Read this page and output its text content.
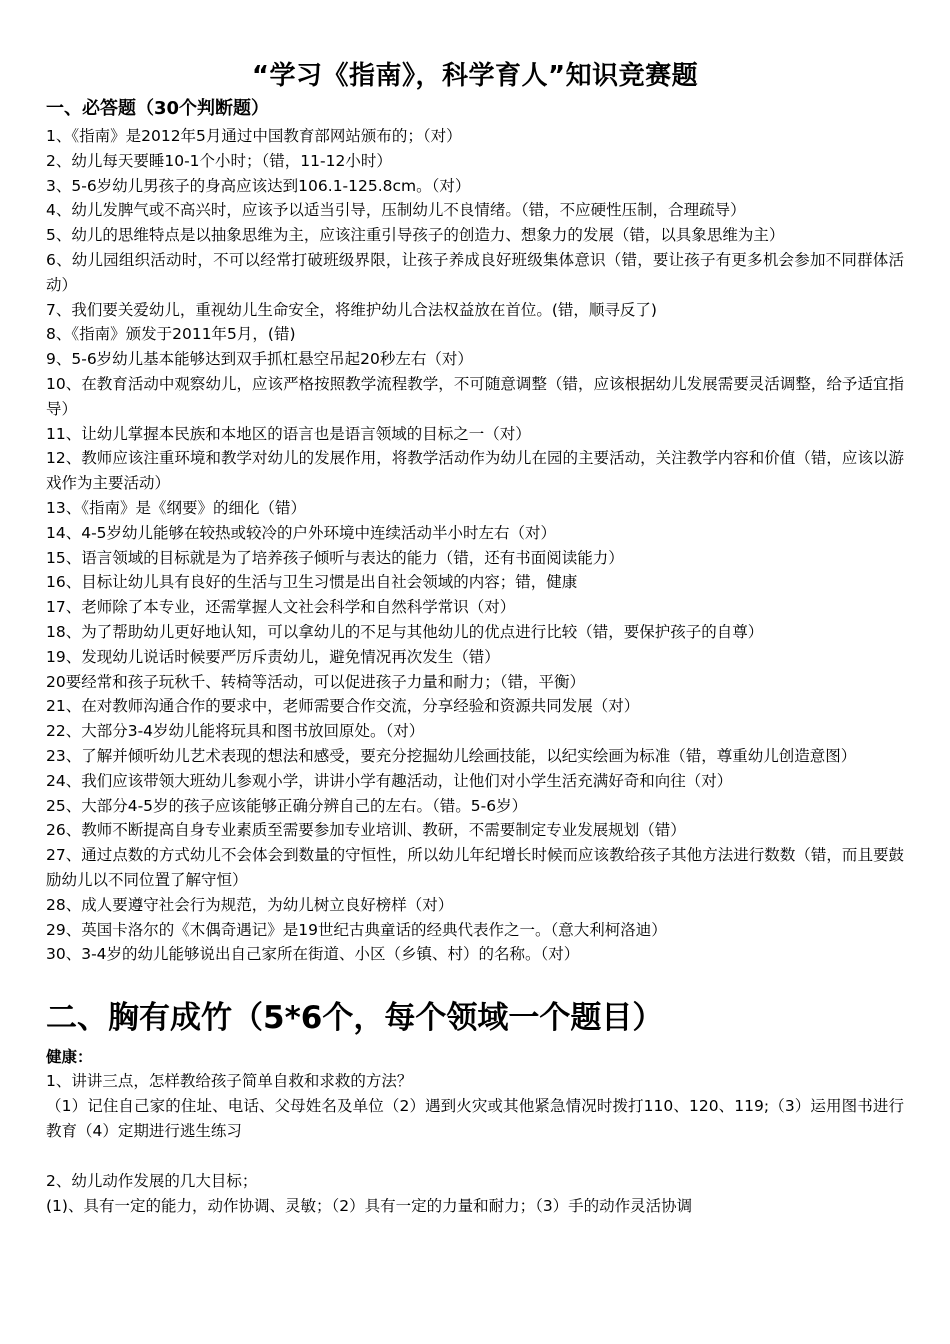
“学习《指南》，科学育人”知识竞赛题
一、必答题（30个判断题）
1、《指南》是2012年5月通过中国教育部网站颁布的；（对）
2、幼儿每天要睡10-1个小时；（错，11-12小时）
3、5-6岁幼儿男孩子的身高应该达到106.1-125.8cm。（对）
4、幼儿发脾气或不高兴时，应该予以适当引导，压制幼儿不良情绪。（错，不应硬性压制，合理疏导）
5、幼儿的思维特点是以抽象思维为主，应该注重引导孩子的创造力、想象力的发展（错，以具象思维为主）
6、幼儿园组织活动时，不可以经常打破班级界限，让孩子养成良好班级集体意识（错，要让孩子有更多机会参加不同群体活动）
7、我们要关爱幼儿，重视幼儿生命安全，将维护幼儿合法权益放在首位。(错，顺寻反了)
8、《指南》颁发于2011年5月，(错)
9、5-6岁幼儿基本能够达到双手抓杠悬空吊起20秒左右（对）
10、在教育活动中观察幼儿，应该严格按照教学流程教学，不可随意调整（错，应该根据幼儿发展需要灵活调整，给予适宜指导）
11、让幼儿掌握本民族和本地区的语言也是语言领域的目标之一（对）
12、教师应该注重环境和教学对幼儿的发展作用，将教学活动作为幼儿在园的主要活动，关注教学内容和价值（错，应该以游戏作为主要活动）
13、《指南》是《纲要》的细化（错）
14、4-5岁幼儿能够在较热或较冷的户外环境中连续活动半小时左右（对）
15、语言领域的目标就是为了培养孩子倾听与表达的能力（错，还有书面阅读能力）
16、目标让幼儿具有良好的生活与卫生习惯是出自社会领域的内容；错，健康
17、老师除了本专业，还需掌握人文社会科学和自然科学常识（对）
18、为了帮助幼儿更好地认知，可以拿幼儿的不足与其他幼儿的优点进行比较（错，要保护孩子的自尊）
19、发现幼儿说话时候要严厉斥责幼儿，避免情况再次发生（错）
20要经常和孩子玩秋千、转椅等活动，可以促进孩子力量和耐力；（错，平衡）
21、在对教师沟通合作的要求中，老师需要合作交流，分享经验和资源共同发展（对）
22、大部分3-4岁幼儿能将玩具和图书放回原处。（对）
23、了解并倾听幼儿艺术表现的想法和感受，要充分挖掘幼儿绘画技能，以纪实绘画为标准（错，尊重幼儿创造意图）
24、我们应该带领大班幼儿参观小学，讲讲小学有趣活动，让他们对小学生活充满好奇和向往（对）
25、大部分4-5岁的孩子应该能够正确分辨自己的左右。（错。5-6岁）
26、教师不断提高自身专业素质至需要参加专业培训、教研，不需要制定专业发展规划（错）
27、通过点数的方式幼儿不会体会到数量的守恒性，所以幼儿年纪增长时候而应该教给孩子其他方法进行数数（错，而且要鼓励幼儿以不同位置了解守恒）
28、成人要遵守社会行为规范，为幼儿树立良好榜样（对）
29、英国卡洛尔的《木偶奇遇记》是19世纪古典童话的经典代表作之一。（意大利柯洛迪）
30、3-4岁的幼儿能够说出自己家所在街道、小区（乡镇、村）的名称。（对）
二、胸有成竹（5*6个，每个领域一个题目）
健康：

1、讲讲三点，怎样教给孩子简单自救和求救的方法？

（1）记住自己家的住址、电话、父母姓名及单位（2）遇到火灾或其他紧急情况时拨打110、120、119;（3）运用图书进行教育（4）定期进行逃生练习

2、幼儿动作发展的几大目标；

(1)、具有一定的能力，动作协调、灵敏；（2）具有一定的力量和耐力；（3）手的动作灵活协调
